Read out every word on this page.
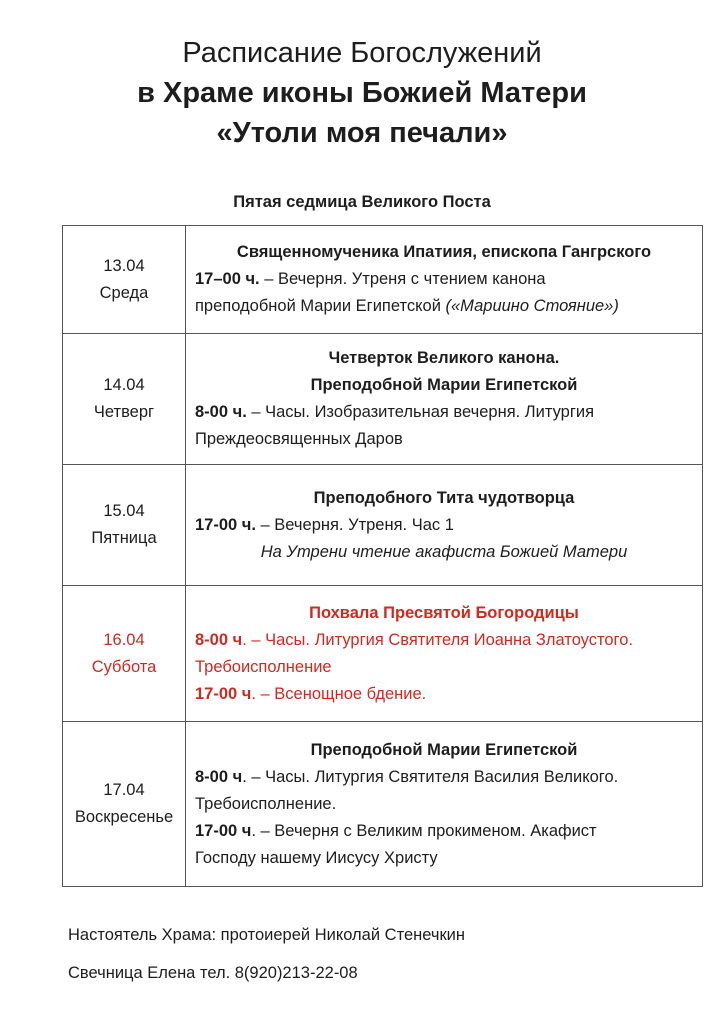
Расписание Богослужений
в Храме иконы Божией Матери
«Утоли моя печали»
Пятая седмица Великого Поста
13.04
Среда

Священномученика Ипатиия, епископа Гангрского
17–00 ч. – Вечерня. Утреня с чтением канона
преподобной Марии Египетской («Мариино Стояние»)

14.04
Четверг

Четверток Великого канона.
Преподобной Марии Египетской
8-00 ч. – Часы. Изобразительная вечерня. Литургия
Преждеосвященных Даров

15.04
Пятница

Преподобного Тита чудотворца
17-00 ч. – Вечерня. Утреня. Час 1
На Утрени чтение акафиста Божией Матери

16.04
Суббота

Похвала Пресвятой Богородицы
8-00 ч. – Часы. Литургия Святителя Иоанна Златоустого.
Требоисполнение
17-00 ч. – Всенощное бдение.

17.04
Воскресенье

Преподобной Марии Египетской
8-00 ч. – Часы. Литургия Святителя Василия Великого.
Требоисполнение.
17-00 ч. – Вечерня с Великим прокименом. Акафист
Господу нашему Иисусу Христу
Настоятель Храма: протоиерей Николай Стенечкин
Свечница Елена тел. 8(920)213-22-08
